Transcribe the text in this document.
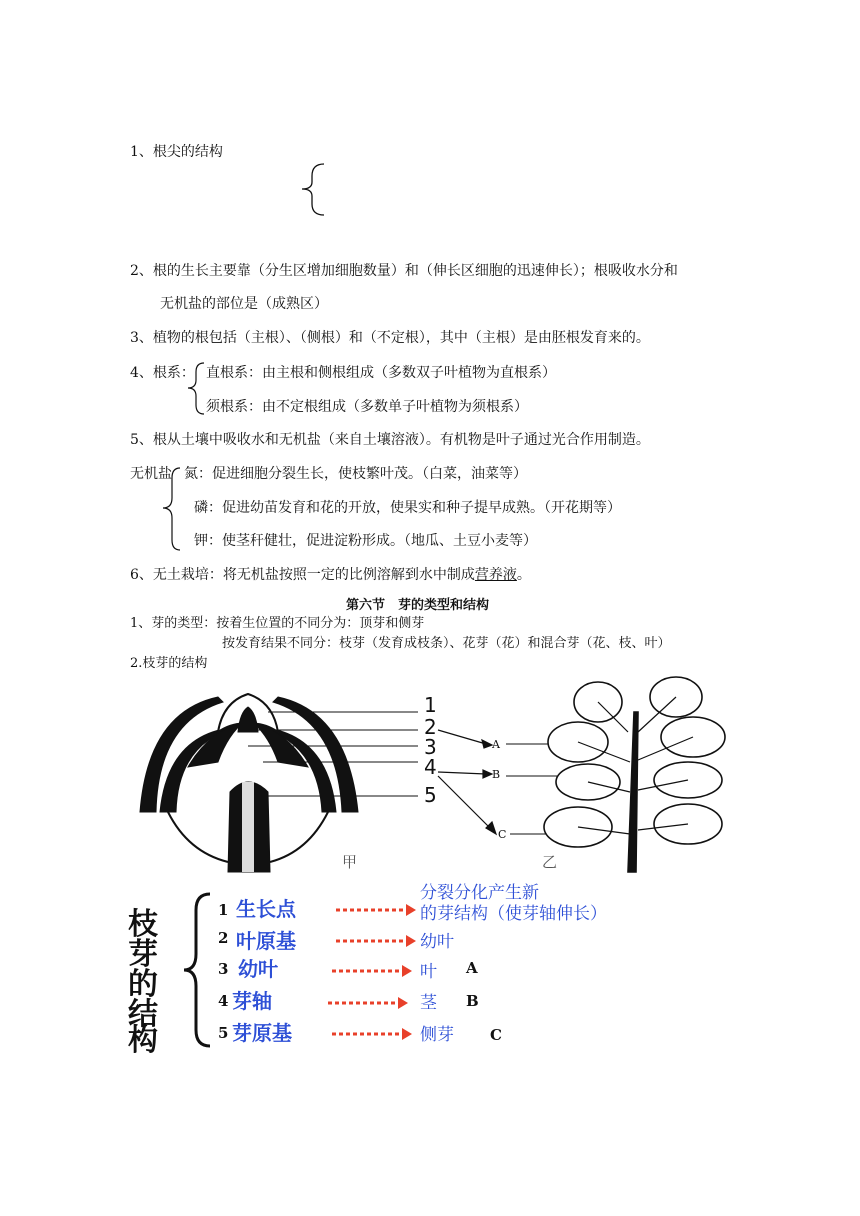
1、根尖的结构
2、根的生长主要靠（分生区增加细胞数量）和（伸长区细胞的迅速伸长）；根吸收水分和
无机盐的部位是（成熟区）
3、植物的根包括（主根）、（侧根）和（不定根），其中（主根）是由胚根发育来的。
4、根系： 直根系：由主根和侧根组成（多数双子叶植物为直根系）
须根系：由不定根组成（多数单子叶植物为须根系）
5、根从土壤中吸收水和无机盐（来自土壤溶液）。有机物是叶子通过光合作用制造。
无机盐 氮：促进细胞分裂生长，使枝繁叶茂。（白菜，油菜等）
磷：促进幼苗发育和花的开放，使果实和种子提早成熟。（开花期等）
钾：使茎秆健壮，促进淀粉形成。（地瓜、土豆小麦等）
6、无土栽培：将无机盐按照一定的比例溶解到水中制成营养液。
第六节　芽的类型和结构
1、芽的类型：按着生位置的不同分为：顶芽和侧芽
按发育结果不同分：枝芽（发育成枝条）、花芽（花）和混合芽（花、枝、叶）
2.枝芽的结构
1
2
3
4
5
A
B
C
甲	乙
枝
芽
的
结
构
1
2
3
4
5
生长点
叶原基
幼叶
芽轴
芽原基
分裂分化产生新
的芽结构（使芽轴伸长）
幼叶
叶
茎
侧芽
A
B
C
